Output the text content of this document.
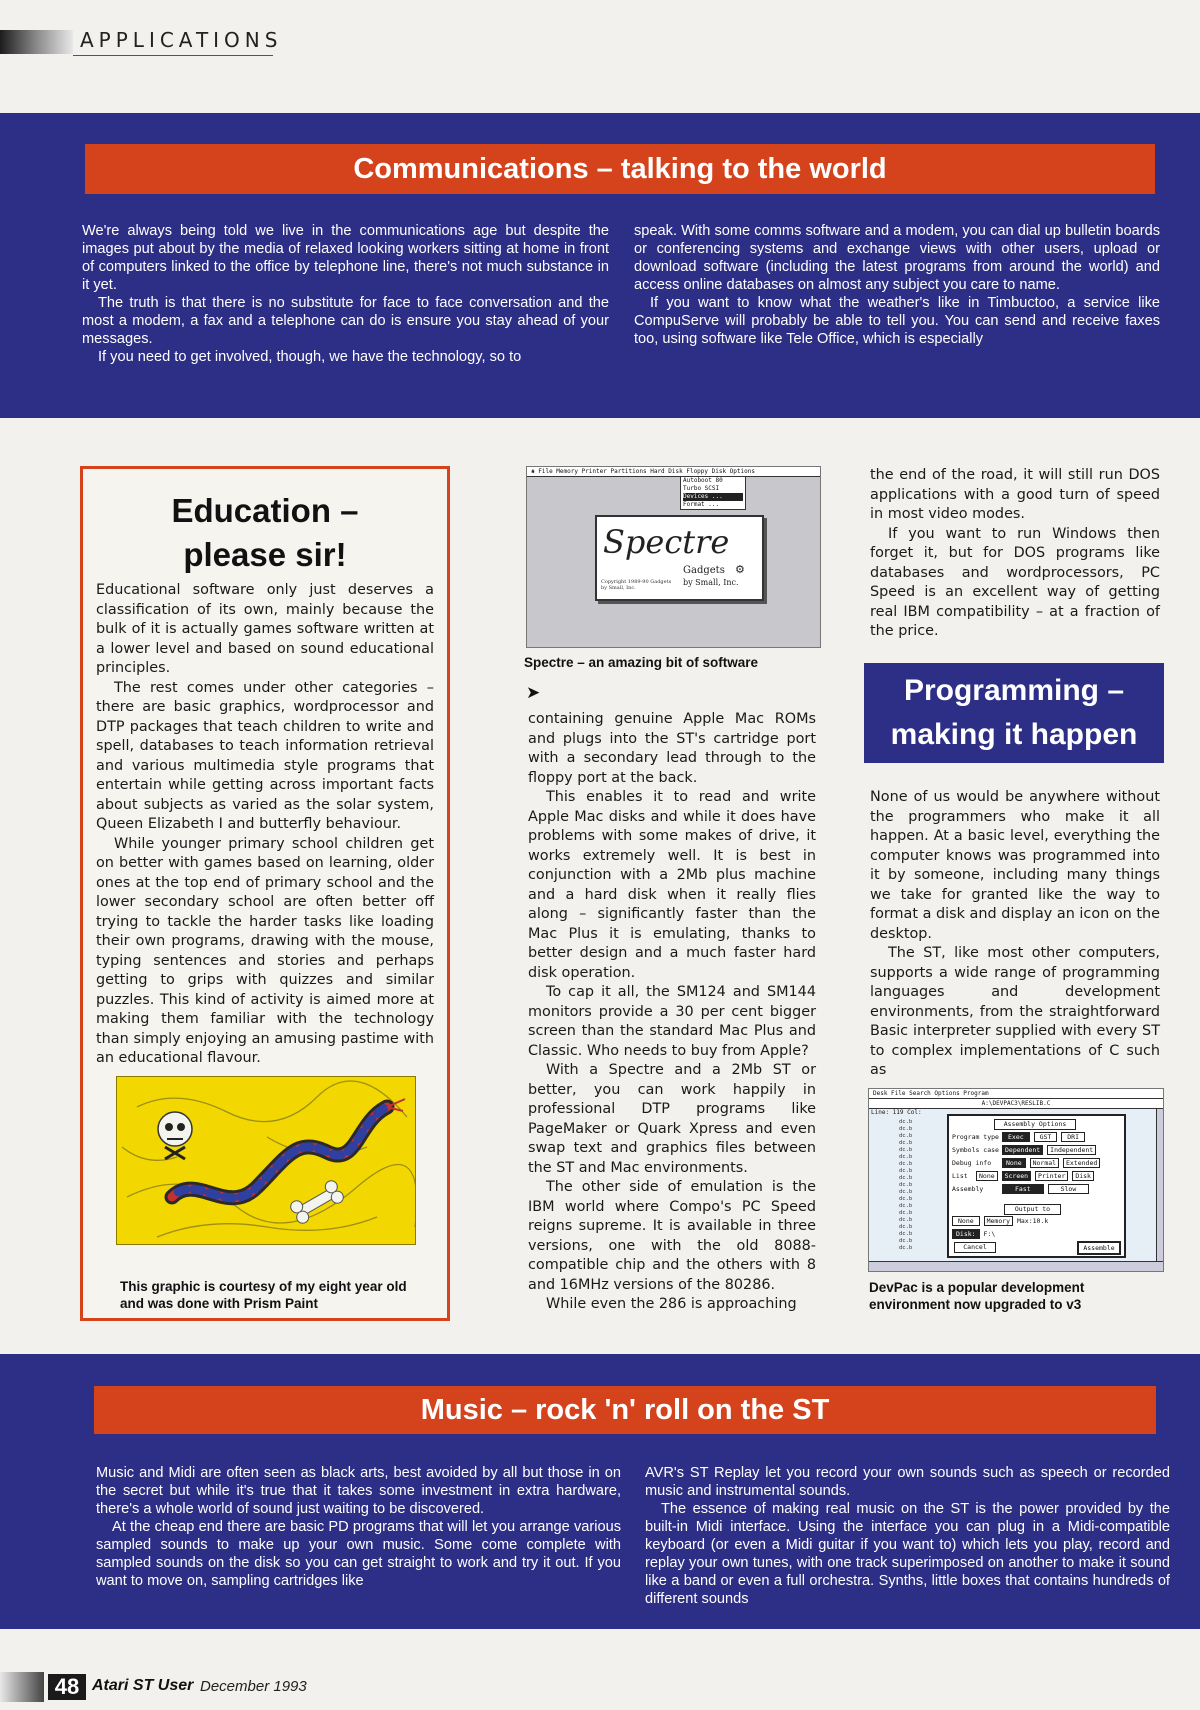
APPLICATIONS
Communications – talking to the world

We're always being told we live in the communications age but despite the images put about by the media of relaxed looking workers sitting at home in front of computers linked to the office by telephone line, there's not much substance in it yet.

The truth is that there is no substitute for face to face conversation and the most a modem, a fax and a telephone can do is ensure you stay ahead of your messages.

If you need to get involved, though, we have the technology, so to

speak. With some comms software and a modem, you can dial up bulletin boards or conferencing systems and exchange views with other users, upload or download software (including the latest programs from around the world) and access online databases on almost any subject you care to name.

If you want to know what the weather's like in Timbuctoo, a service like CompuServe will probably be able to tell you. You can send and receive faxes too, using software like Tele Office, which is especially

Education –
please sir!

Educational software only just deserves a classification of its own, mainly because the bulk of it is actually games software written at a lower level and based on sound educational principles.

The rest comes under other categories – there are basic graphics, wordprocessor and DTP packages that teach children to write and spell, databases to teach information retrieval and various multimedia style programs that entertain while getting across important facts about subjects as varied as the solar system, Queen Elizabeth I and butterfly behaviour.

While younger primary school children get on better with games based on learning, older ones at the top end of primary school and the lower secondary school are often better off trying to tackle the harder tasks like loading their own programs, drawing with the mouse, typing sentences and stories and perhaps getting to grips with quizzes and similar puzzles. This kind of activity is aimed more at making them familiar with the technology than simply enjoying an amusing pastime with an educational flavour.

This graphic is courtesy of my eight year old and was done with Prism Paint
⍲ File Memory Printer Partitions Hard Disk Floppy Disk Options
Autoboot 80
Turbo SCSI
Devices ...
Format ...
Spectre
Gadgets ⚙
by Small, Inc.
Copyright 1989-90 Gadgets by Small, Inc.
Spectre – an amazing bit of software
➤

containing genuine Apple Mac ROMs and plugs into the ST's cartridge port with a secondary lead through to the floppy port at the back.

This enables it to read and write Apple Mac disks and while it does have problems with some makes of drive, it works extremely well. It is best in conjunction with a 2Mb plus machine and a hard disk when it really flies along – significantly faster than the Mac Plus it is emulating, thanks to better design and a much faster hard disk operation.

To cap it all, the SM124 and SM144 monitors provide a 30 per cent bigger screen than the standard Mac Plus and Classic. Who needs to buy from Apple?

With a Spectre and a 2Mb ST or better, you can work happily in professional DTP programs like PageMaker or Quark Xpress and even swap text and graphics files between the ST and Mac environments.

The other side of emulation is the IBM world where Compo's PC Speed reigns supreme. It is available in three versions, one with the old 8088-compatible chip and the others with 8 and 16MHz versions of the 80286.

While even the 286 is approaching

the end of the road, it will still run DOS applications with a good turn of speed in most video modes.

If you want to run Windows then forget it, but for DOS programs like databases and wordprocessors, PC Speed is an excellent way of getting real IBM compatibility – at a fraction of the price.

Programming –
making it happen

None of us would be anywhere without the programmers who make it all happen. At a basic level, everything the computer knows was programmed into it by someone, including many things we take for granted like the way to format a disk and display an icon on the desktop.

The ST, like most other computers, supports a wide range of programming languages and development environments, from the straightforward Basic interpreter supplied with every ST to complex implementations of C such as

Desk File Search Options Program
A:\DEVPAC3\RESLIB.C
Line: 119 Col:
dc.b
dc.b
dc.b
dc.b
dc.b
dc.b
dc.b
dc.b
dc.b
dc.b
dc.b
dc.b
dc.b
dc.b
dc.b
dc.b
dc.b
dc.b
dc.b
Assembly Options
Program type Exec GST DRI
Symbols case Dependent Independent
Debug info None Normal Extended
List None Screen Printer Disk
Assembly	Fast	Slow
Output to
None Memory Max:10.k
Disk: F:\
Cancel	Assemble
DevPac is a popular development environment now upgraded to v3
Music – rock 'n' roll on the ST

Music and Midi are often seen as black arts, best avoided by all but those in on the secret but while it's true that it takes some investment in extra hardware, there's a whole world of sound just waiting to be discovered.

At the cheap end there are basic PD programs that will let you arrange various sampled sounds to make up your own music. Some come complete with sampled sounds on the disk so you can get straight to work and try it out. If you want to move on, sampling cartridges like

AVR's ST Replay let you record your own sounds such as speech or recorded music and instrumental sounds.

The essence of making real music on the ST is the power provided by the built-in Midi interface. Using the interface you can plug in a Midi-compatible keyboard (or even a Midi guitar if you want to) which lets you play, record and replay your own tunes, with one track superimposed on another to make it sound like a band or even a full orchestra. Synths, little boxes that contains hundreds of different sounds

48 Atari ST User December 1993
